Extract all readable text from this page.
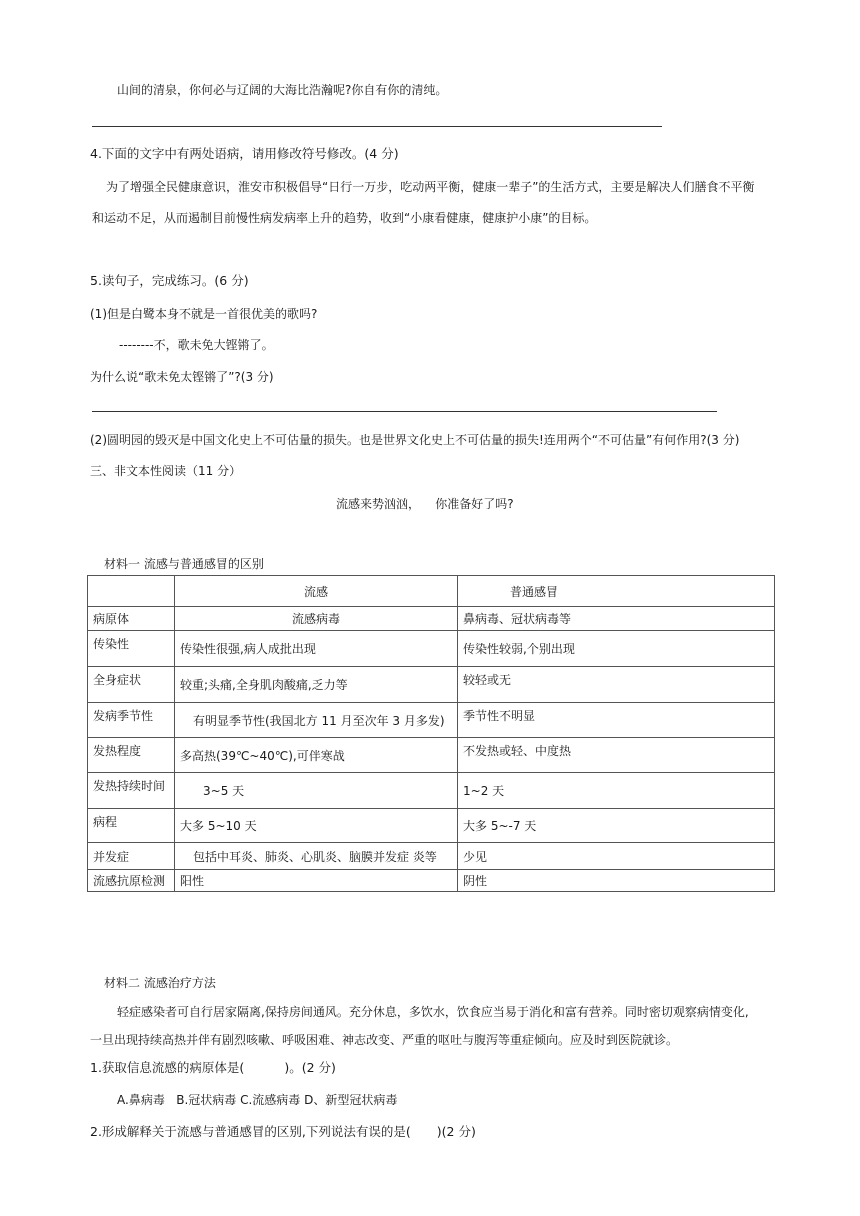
山间的清泉，你何必与辽阔的大海比浩瀚呢?你自有你的清纯。
4.下面的文字中有两处语病，请用修改符号修改。(4 分)
为了增强全民健康意识，淮安市积极倡导“日行一万步，吃动两平衡，健康一辈子”的生活方式，主要是解决人们膳食不平衡
和运动不足，从而遏制目前慢性病发病率上升的趋势，收到“小康看健康，健康护小康”的目标。
5.读句子，完成练习。(6 分)
(1)但是白鹭本身不就是一首很优美的歌吗?
--------不，歌未免大铿锵了。
为什么说“歌未免太铿锵了”?(3 分)
(2)圆明园的毁灭是中国文化史上不可估量的损失。也是世界文化史上不可估量的损失!连用两个“不可估量”有何作用?(3 分)
三、非文本性阅读（11 分）
流感来势汹汹，    你准备好了吗?
材料一 流感与普通感冒的区别
	流感	普通感冒
病原体	流感病毒	鼻病毒、冠状病毒等
传染性	传染性很强,病人成批出现	传染性较弱,个别出现
全身症状	较重;头痛,全身肌肉酸痛,乏力等	较轻或无
发病季节性	有明显季节性(我国北方 11 月至次年 3 月多发)	季节性不明显
发热程度	多高热(39℃~40℃),可伴寒战	不发热或轻、中度热
发热持续时间	3~5 天	1~2 天
病程	大多 5~10 天	大多 5~-7 天
并发症	包括中耳炎、肺炎、心肌炎、脑膜并发症 炎等	少见
流感抗原检测	阳性	阴性
材料二 流感治疗方法
轻症感染者可自行居家隔离,保持房间通风。充分休息，多饮水，饮食应当易于消化和富有营养。同时密切观察病情变化,
一旦出现持续高热并伴有剧烈咳嗽、呼吸困难、神志改变、严重的呕吐与腹泻等重症倾向。应及时到医院就诊。
1.获取信息流感的病原体是(	)。(2 分)
A.鼻病毒   B.冠状病毒 C.流感病毒 D、新型冠状病毒
2.形成解释关于流感与普通感冒的区别,下列说法有误的是( )(2 分)
